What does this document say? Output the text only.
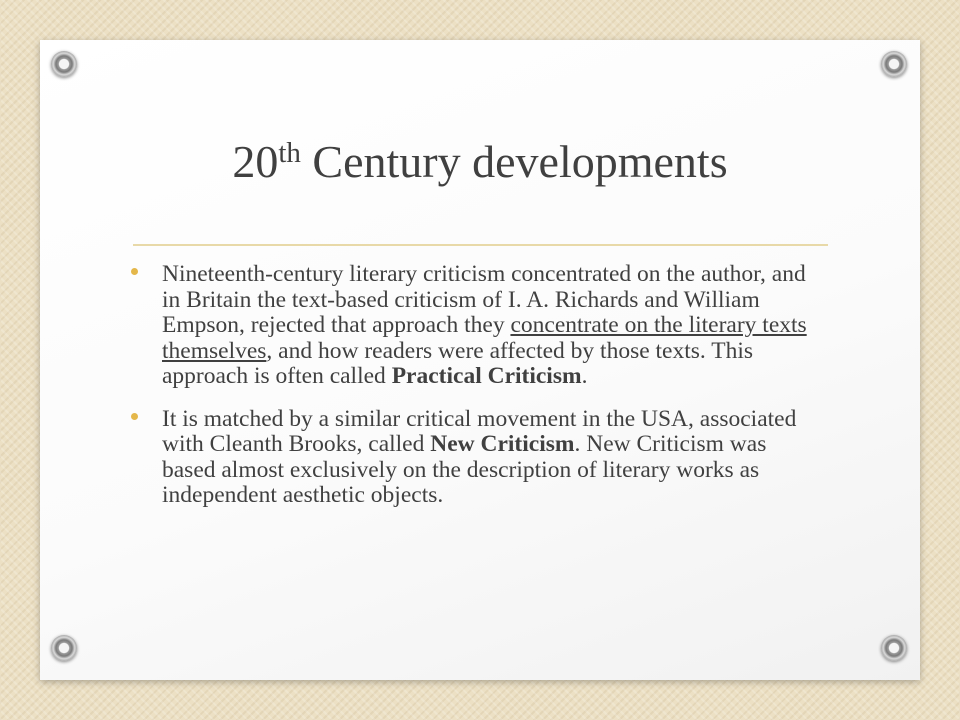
20th Century developments
Nineteenth-century literary criticism concentrated on the author, and in Britain the text-based criticism of I. A. Richards and William Empson, rejected that approach they concentrate on the literary texts themselves, and how readers were affected by those texts. This approach is often called Practical Criticism.
It is matched by a similar critical movement in the USA, associated with Cleanth Brooks, called New Criticism. New Criticism was based almost exclusively on the description of literary works as independent aesthetic objects.
